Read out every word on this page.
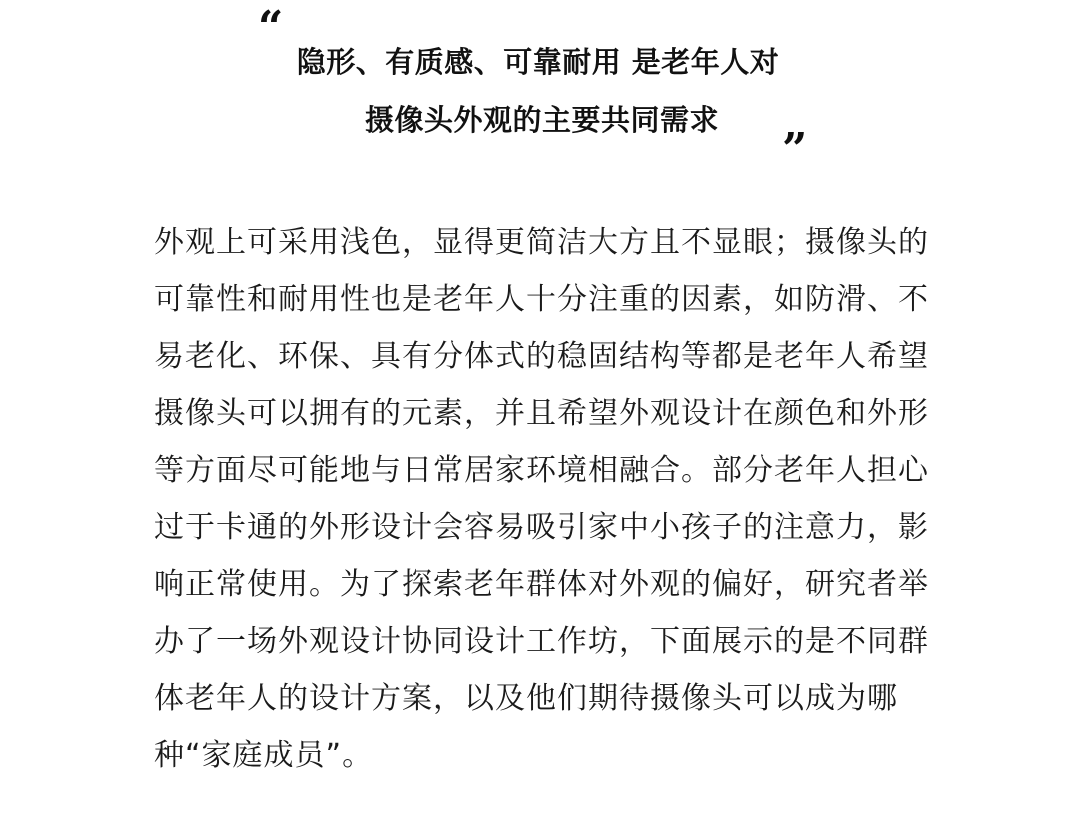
“
隐形、有质感、可靠耐用 是老年人对
摄像头外观的主要共同需求
”
外观上可采用浅色，显得更简洁大方且不显眼；摄像头的
可靠性和耐用性也是老年人十分注重的因素，如防滑、不
易老化、环保、具有分体式的稳固结构等都是老年人希望
摄像头可以拥有的元素，并且希望外观设计在颜色和外形
等方面尽可能地与日常居家环境相融合。部分老年人担心
过于卡通的外形设计会容易吸引家中小孩子的注意力，影
响正常使用。为了探索老年群体对外观的偏好，研究者举
办了一场外观设计协同设计工作坊，下面展示的是不同群
体老年人的设计方案，以及他们期待摄像头可以成为哪
种“家庭成员”。
